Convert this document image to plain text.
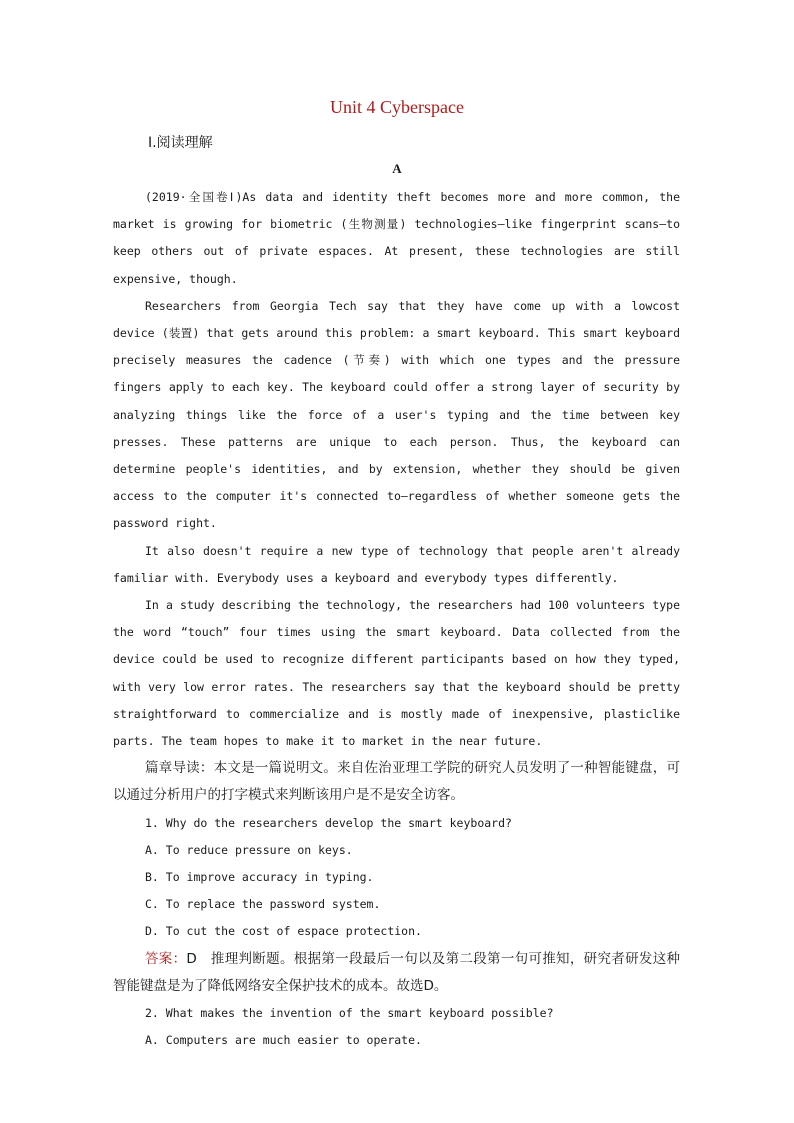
Unit 4 Cyberspace
Ⅰ.阅读理解
A

(2019·全国卷Ⅰ)As data and identity theft becomes more and more common, the market is growing for biometric (生物测量) technologies—like fingerprint scans—to keep others out of private espaces. At present, these technologies are still expensive, though.

Researchers from Georgia Tech say that they have come up with a lowcost device (装置) that gets around this problem: a smart keyboard. This smart keyboard precisely measures the cadence (节奏) with which one types and the pressure fingers apply to each key. The keyboard could offer a strong layer of security by analyzing things like the force of a user's typing and the time between key presses. These patterns are unique to each person. Thus, the keyboard can determine people's identities, and by extension, whether they should be given access to the computer it's connected to—regardless of whether someone gets the password right.

It also doesn't require a new type of technology that people aren't already familiar with. Everybody uses a keyboard and everybody types differently.

In a study describing the technology, the researchers had 100 volunteers type the word “touch” four times using the smart keyboard. Data collected from the device could be used to recognize different participants based on how they typed, with very low error rates. The researchers say that the keyboard should be pretty straightforward to commercialize and is mostly made of inexpensive, plasticlike parts. The team hopes to make it to market in the near future.

篇章导读：本文是一篇说明文。来自佐治亚理工学院的研究人员发明了一种智能键盘，可以通过分析用户的打字模式来判断该用户是不是安全访客。

1. Why do the researchers develop the smart keyboard?

A. To reduce pressure on keys.

B. To improve accuracy in typing.

C. To replace the password system.

D. To cut the cost of espace protection.

答案：D　推理判断题。根据第一段最后一句以及第二段第一句可推知，研究者研发这种智能键盘是为了降低网络安全保护技术的成本。故选D。

2. What makes the invention of the smart keyboard possible?

A. Computers are much easier to operate.
